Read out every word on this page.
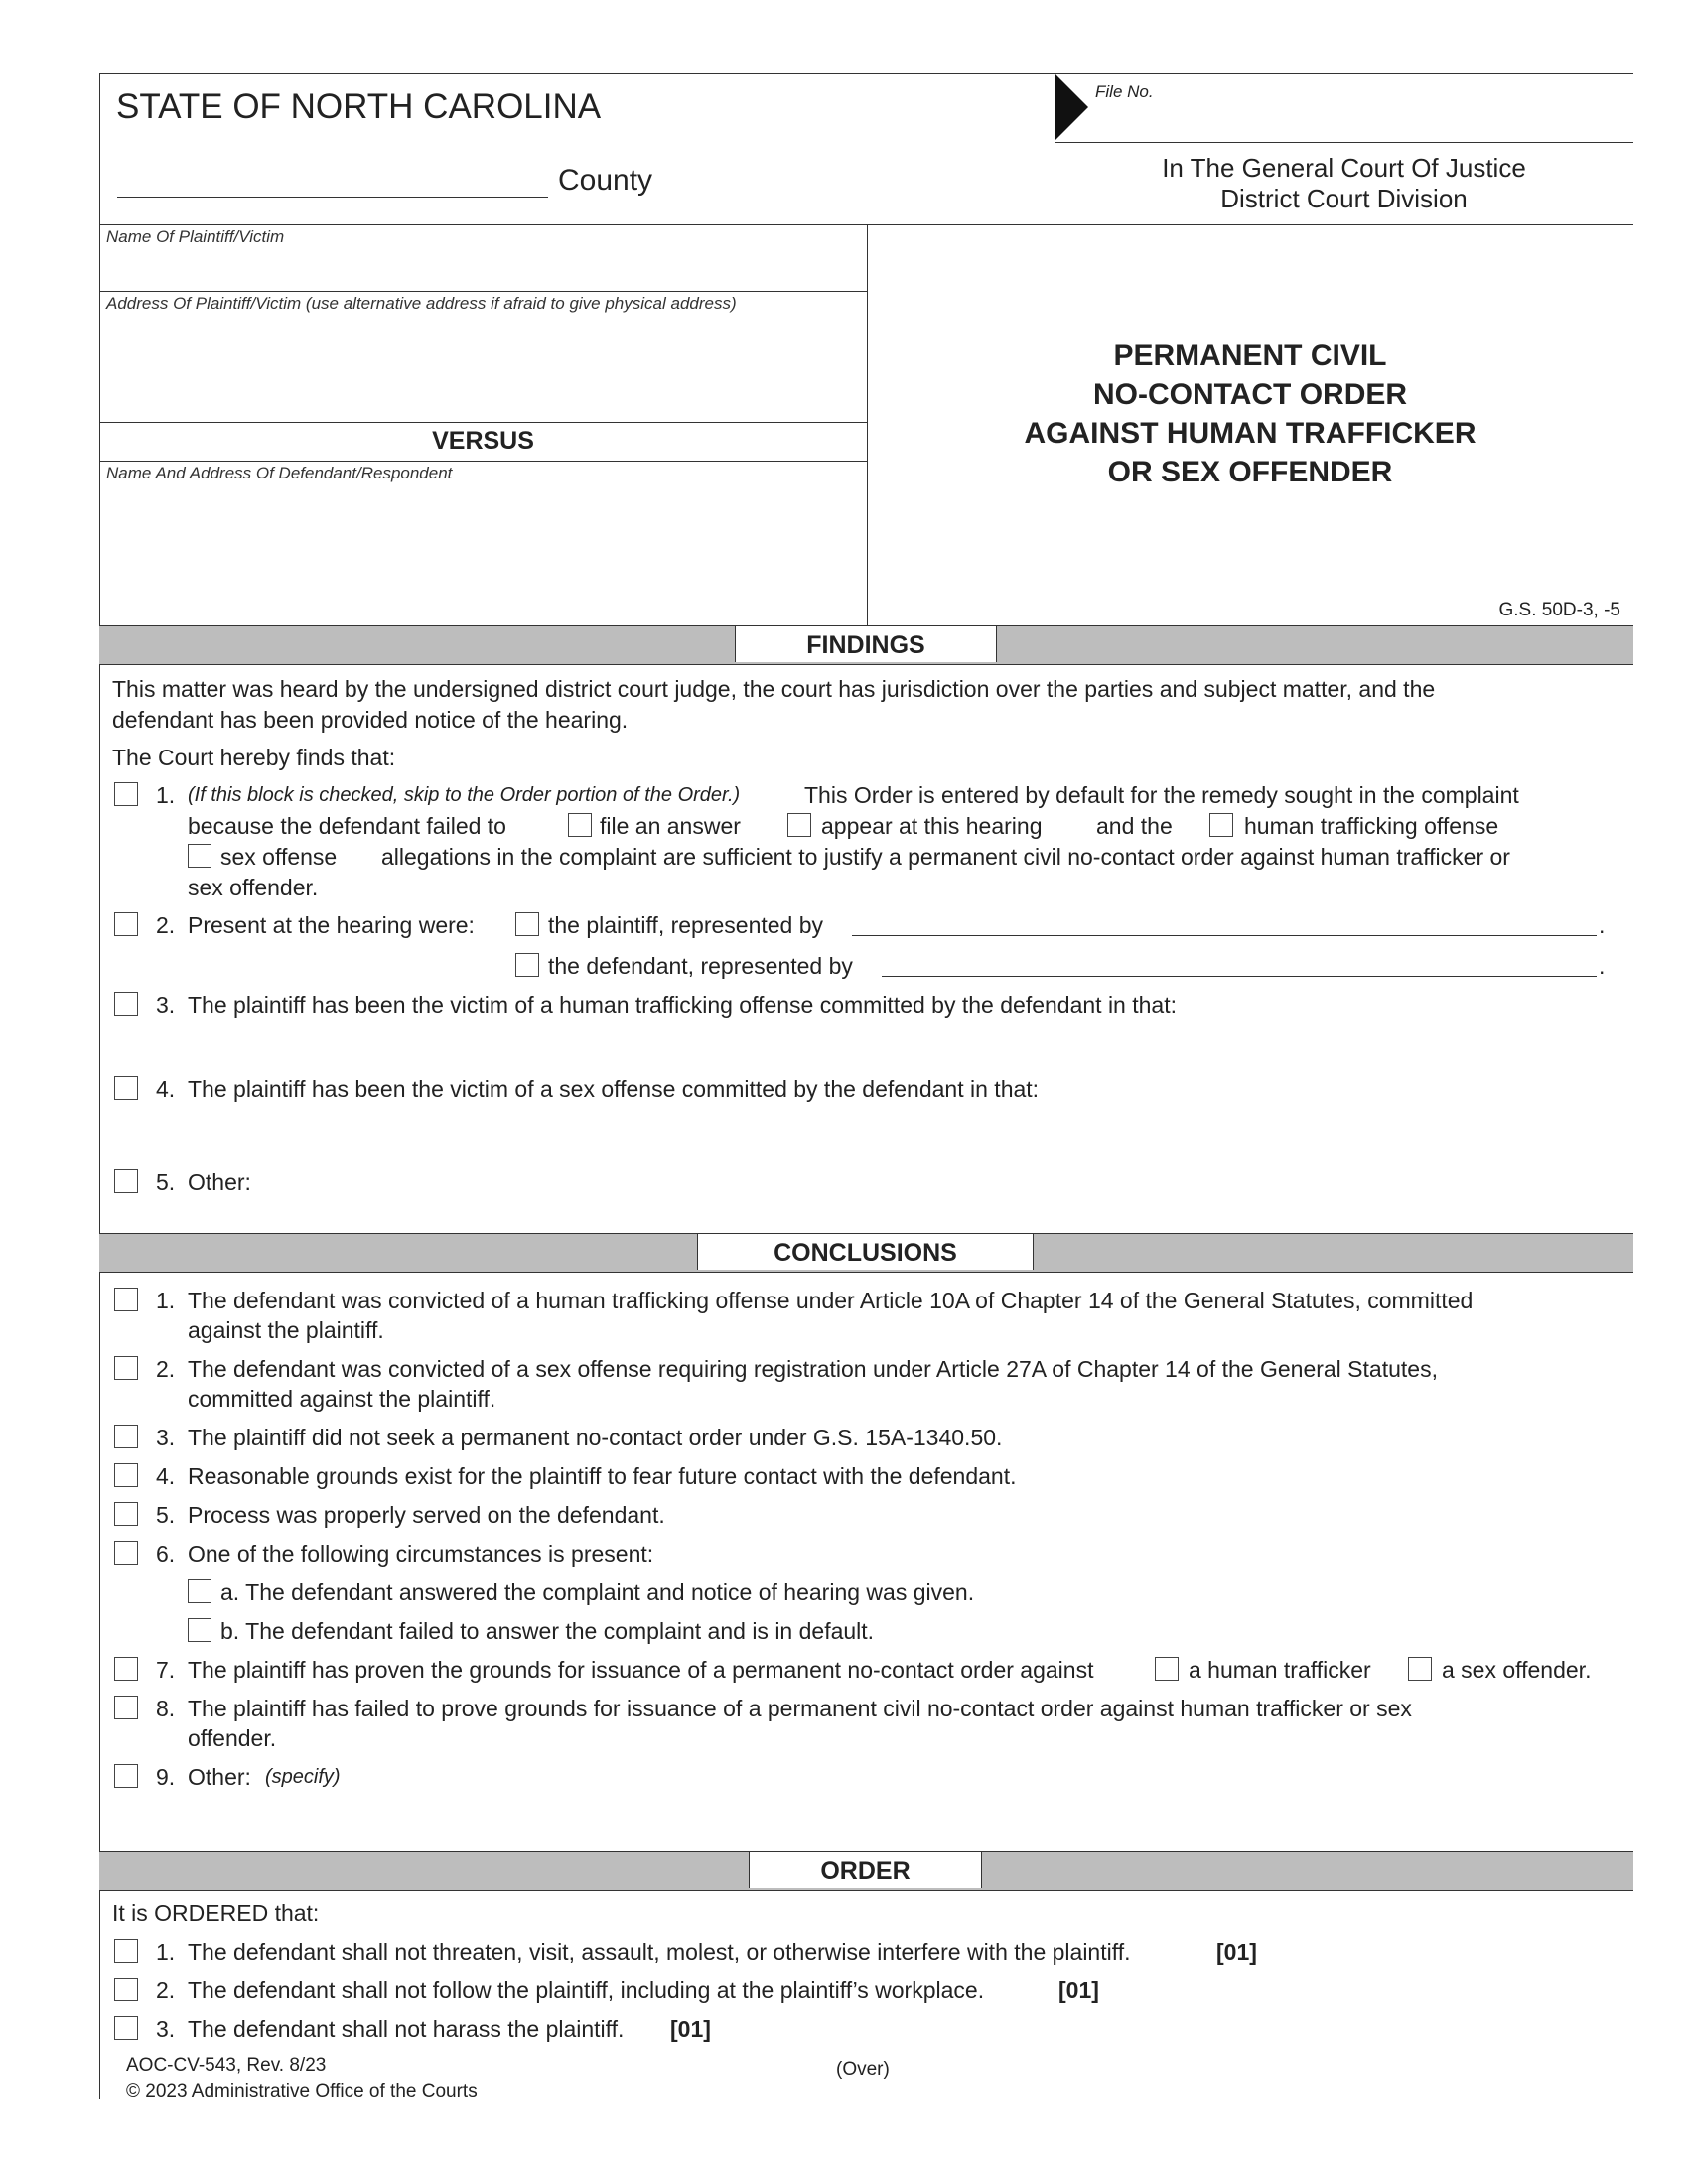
STATE OF NORTH CAROLINA
County
File No.
In The General Court Of Justice
District Court Division
Name Of Plaintiff/Victim
Address Of Plaintiff/Victim (use alternative address if afraid to give physical address)
VERSUS
Name And Address Of Defendant/Respondent
PERMANENT CIVIL
NO-CONTACT ORDER
AGAINST HUMAN TRAFFICKER
OR SEX OFFENDER
G.S. 50D-3, -5
FINDINGS
This matter was heard by the undersigned district court judge, the court has jurisdiction over the parties and subject matter, and the
defendant has been provided notice of the hearing.
The Court hereby finds that:
1. (If this block is checked, skip to the Order portion of the Order.)	This Order is entered by default for the remedy sought in the complaint
because the defendant failed to	file an answer	appear at this hearing and the	human trafficking offense
sex offense allegations in the complaint are sufficient to justify a permanent civil no-contact order against human trafficker or
sex offender.
2. Present at the hearing were:	the plaintiff, represented by	.
the defendant, represented by	.
3. The plaintiff has been the victim of a human trafficking offense committed by the defendant in that:
4. The plaintiff has been the victim of a sex offense committed by the defendant in that:
5. Other:
CONCLUSIONS
1. The defendant was convicted of a human trafficking offense under Article 10A of Chapter 14 of the General Statutes, committed
against the plaintiff.
2. The defendant was convicted of a sex offense requiring registration under Article 27A of Chapter 14 of the General Statutes,
committed against the plaintiff.
3. The plaintiff did not seek a permanent no-contact order under G.S. 15A-1340.50.
4. Reasonable grounds exist for the plaintiff to fear future contact with the defendant.
5. Process was properly served on the defendant.
6. One of the following circumstances is present:
a. The defendant answered the complaint and notice of hearing was given.
b. The defendant failed to answer the complaint and is in default.
7. The plaintiff has proven the grounds for issuance of a permanent no-contact order against	a human trafficker	a sex offender.
8. The plaintiff has failed to prove grounds for issuance of a permanent civil no-contact order against human trafficker or sex
offender.
9. Other: (specify)
ORDER
It is ORDERED that:
1. The defendant shall not threaten, visit, assault, molest, or otherwise interfere with the plaintiff.	[01]
2. The defendant shall not follow the plaintiff, including at the plaintiff’s workplace.	[01]
3. The defendant shall not harass the plaintiff. [01]
AOC-CV-543, Rev. 8/23
© 2023 Administrative Office of the Courts
(Over)
